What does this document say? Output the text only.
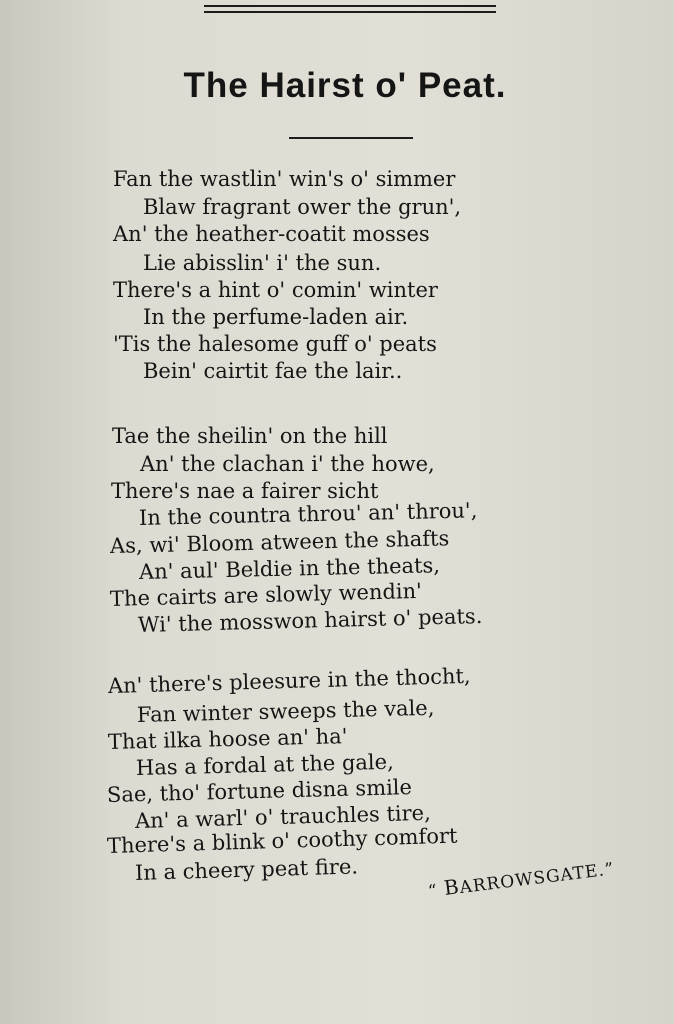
The Hairst o' Peat.
Fan the wastlin' win's o' simmer
Blaw fragrant ower the grun',
An' the heather-coatit mosses
Lie abisslin' i' the sun.
There's a hint o' comin' winter
In the perfume-laden air.
'Tis the halesome guff o' peats
Bein' cairtit fae the lair..
Tae the sheilin' on the hill
An' the clachan i' the howe,
There's nae a fairer sicht
In the countra throu' an' throu',
As, wi' Bloom atween the shafts
An' aul' Beldie in the theats,
The cairts are slowly wendin'
Wi' the mosswon hairst o' peats.
An' there's pleesure in the thocht,
Fan winter sweeps the vale,
That ilka hoose an' ha'
Has a fordal at the gale,
Sae, tho' fortune disna smile
An' a warl' o' trauchles tire,
There's a blink o' coothy comfort
In a cheery peat fire.
“ BARROWSGATE.”
